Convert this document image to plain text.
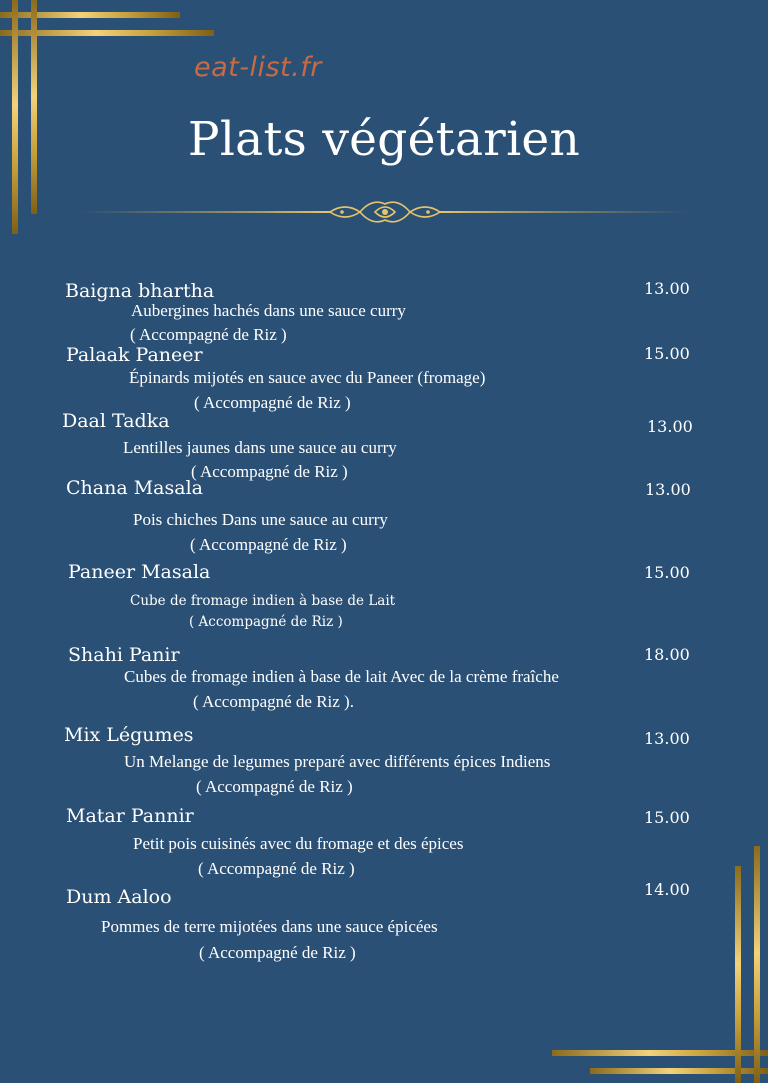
eat-list.fr
Plats végétarien
Baigna bhartha
Aubergines hachés dans une sauce curry
( Accompagné de Riz )
13.00
Palaak Paneer
Épinards mijotés en sauce avec du Paneer (fromage)
( Accompagné de Riz )
15.00
Daal Tadka
Lentilles jaunes dans une sauce au curry
( Accompagné de Riz )
13.00
Chana Masala
Pois chiches Dans une sauce au curry
( Accompagné de Riz )
13.00
Paneer Masala
Cube de fromage indien à base de Lait
( Accompagné de Riz )
15.00
Shahi Panir
Cubes de fromage indien à base de lait Avec de la crème fraîche
( Accompagné de Riz ).
18.00
Mix Légumes
Un Melange de legumes preparé avec différents épices Indiens
( Accompagné de Riz )
13.00
Matar Pannir
Petit pois cuisinés avec du fromage et des épices
( Accompagné de Riz )
15.00
Dum Aaloo
Pommes de terre mijotées dans une sauce épicées
( Accompagné de Riz )
14.00
